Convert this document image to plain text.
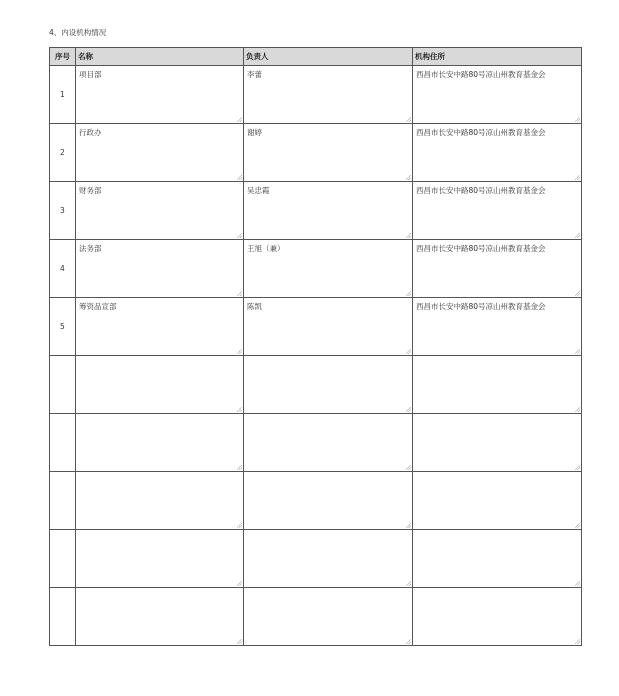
4、内设机构情况
序号	名称	负责人	机构住所
1	项目部	李蕾	西昌市长安中路80号凉山州教育基金会

2	行政办	谢婷	西昌市长安中路80号凉山州教育基金会

3	财务部	吴忠霞	西昌市长安中路80号凉山州教育基金会

4	法务部	王旭（兼）	西昌市长安中路80号凉山州教育基金会

5	筹资品宣部	陈凯	西昌市长安中路80号凉山州教育基金会
